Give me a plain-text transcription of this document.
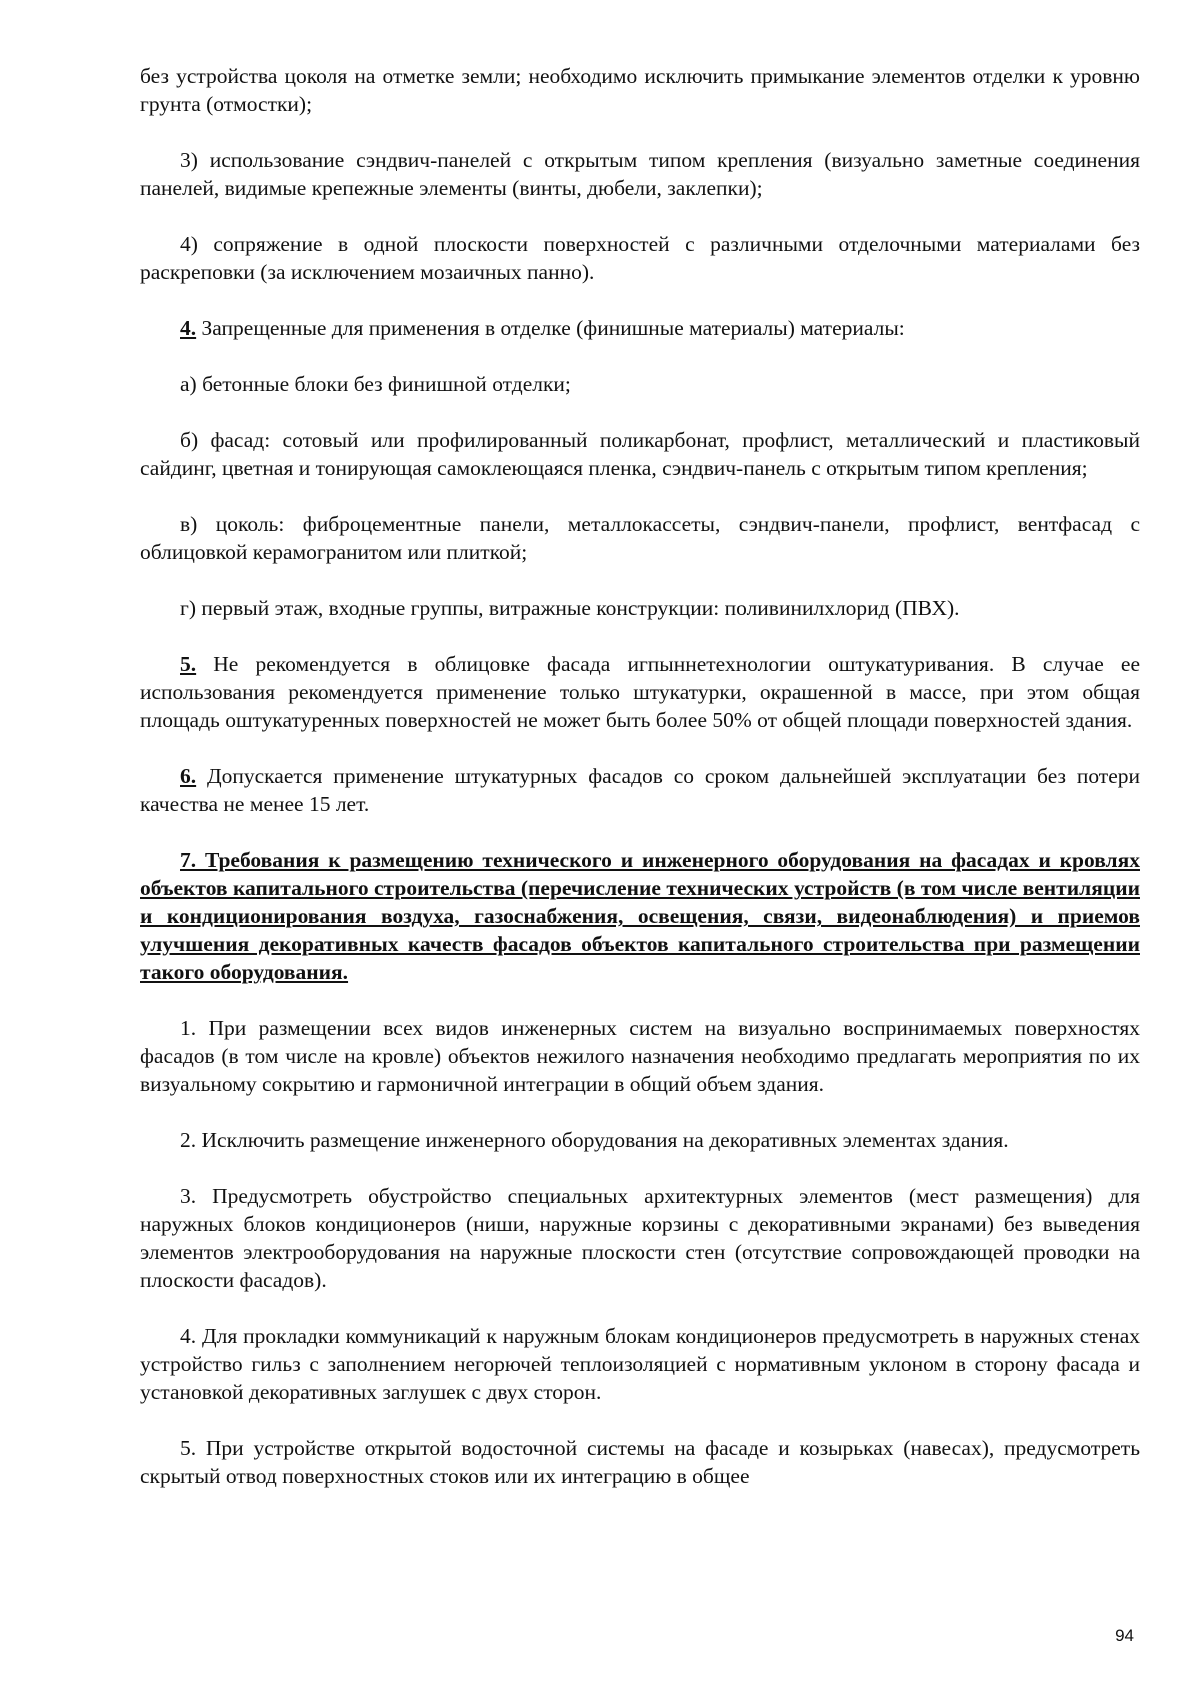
без устройства цоколя на отметке земли; необходимо исключить примыкание элементов отделки к уровню грунта (отмостки);

3) использование сэндвич-панелей с открытым типом крепления (визуально заметные соединения панелей, видимые крепежные элементы (винты, дюбели, заклепки);

4) сопряжение в одной плоскости поверхностей с различными отделочными материалами без раскреповки (за исключением мозаичных панно).

4. Запрещенные для применения в отделке (финишные материалы) материалы:

а) бетонные блоки без финишной отделки;

б) фасад: сотовый или профилированный поликарбонат, профлист, металлический и пластиковый сайдинг, цветная и тонирующая самоклеющаяся пленка, сэндвич-панель с открытым типом крепления;

в) цоколь: фиброцементные панели, металлокассеты, сэндвич-панели, профлист, вентфасад с облицовкой керамогранитом или плиткой;

г) первый этаж, входные группы, витражные конструкции: поливинилхлорид (ПВХ).

5. Не рекомендуется в облицовке фасада игпыннетехнологии оштукатуривания. В случае ее использования рекомендуется применение только штукатурки, окрашенной в массе, при этом общая площадь оштукатуренных поверхностей не может быть более 50% от общей площади поверхностей здания.

6. Допускается применение штукатурных фасадов со сроком дальнейшей эксплуатации без потери качества не менее 15 лет.

7. Требования к размещению технического и инженерного оборудования на фасадах и кровлях объектов капитального строительства (перечисление технических устройств (в том числе вентиляции и кондиционирования воздуха, газоснабжения, освещения, связи, видеонаблюдения) и приемов улучшения декоративных качеств фасадов объектов капитального строительства при размещении такого оборудования.

1. При размещении всех видов инженерных систем на визуально воспринимаемых поверхностях фасадов (в том числе на кровле) объектов нежилого назначения необходимо предлагать мероприятия по их визуальному сокрытию и гармоничной интеграции в общий объем здания.

2. Исключить размещение инженерного оборудования на декоративных элементах здания.

3. Предусмотреть обустройство специальных архитектурных элементов (мест размещения) для наружных блоков кондиционеров (ниши, наружные корзины с декоративными экранами) без выведения элементов электрооборудования на наружные плоскости стен (отсутствие сопровождающей проводки на плоскости фасадов).

4. Для прокладки коммуникаций к наружным блокам кондиционеров предусмотреть в наружных стенах устройство гильз с заполнением негорючей теплоизоляцией с нормативным уклоном в сторону фасада и установкой декоративных заглушек с двух сторон.

5. При устройстве открытой водосточной системы на фасаде и козырьках (навесах), предусмотреть скрытый отвод поверхностных стоков или их интеграцию в общее

94
